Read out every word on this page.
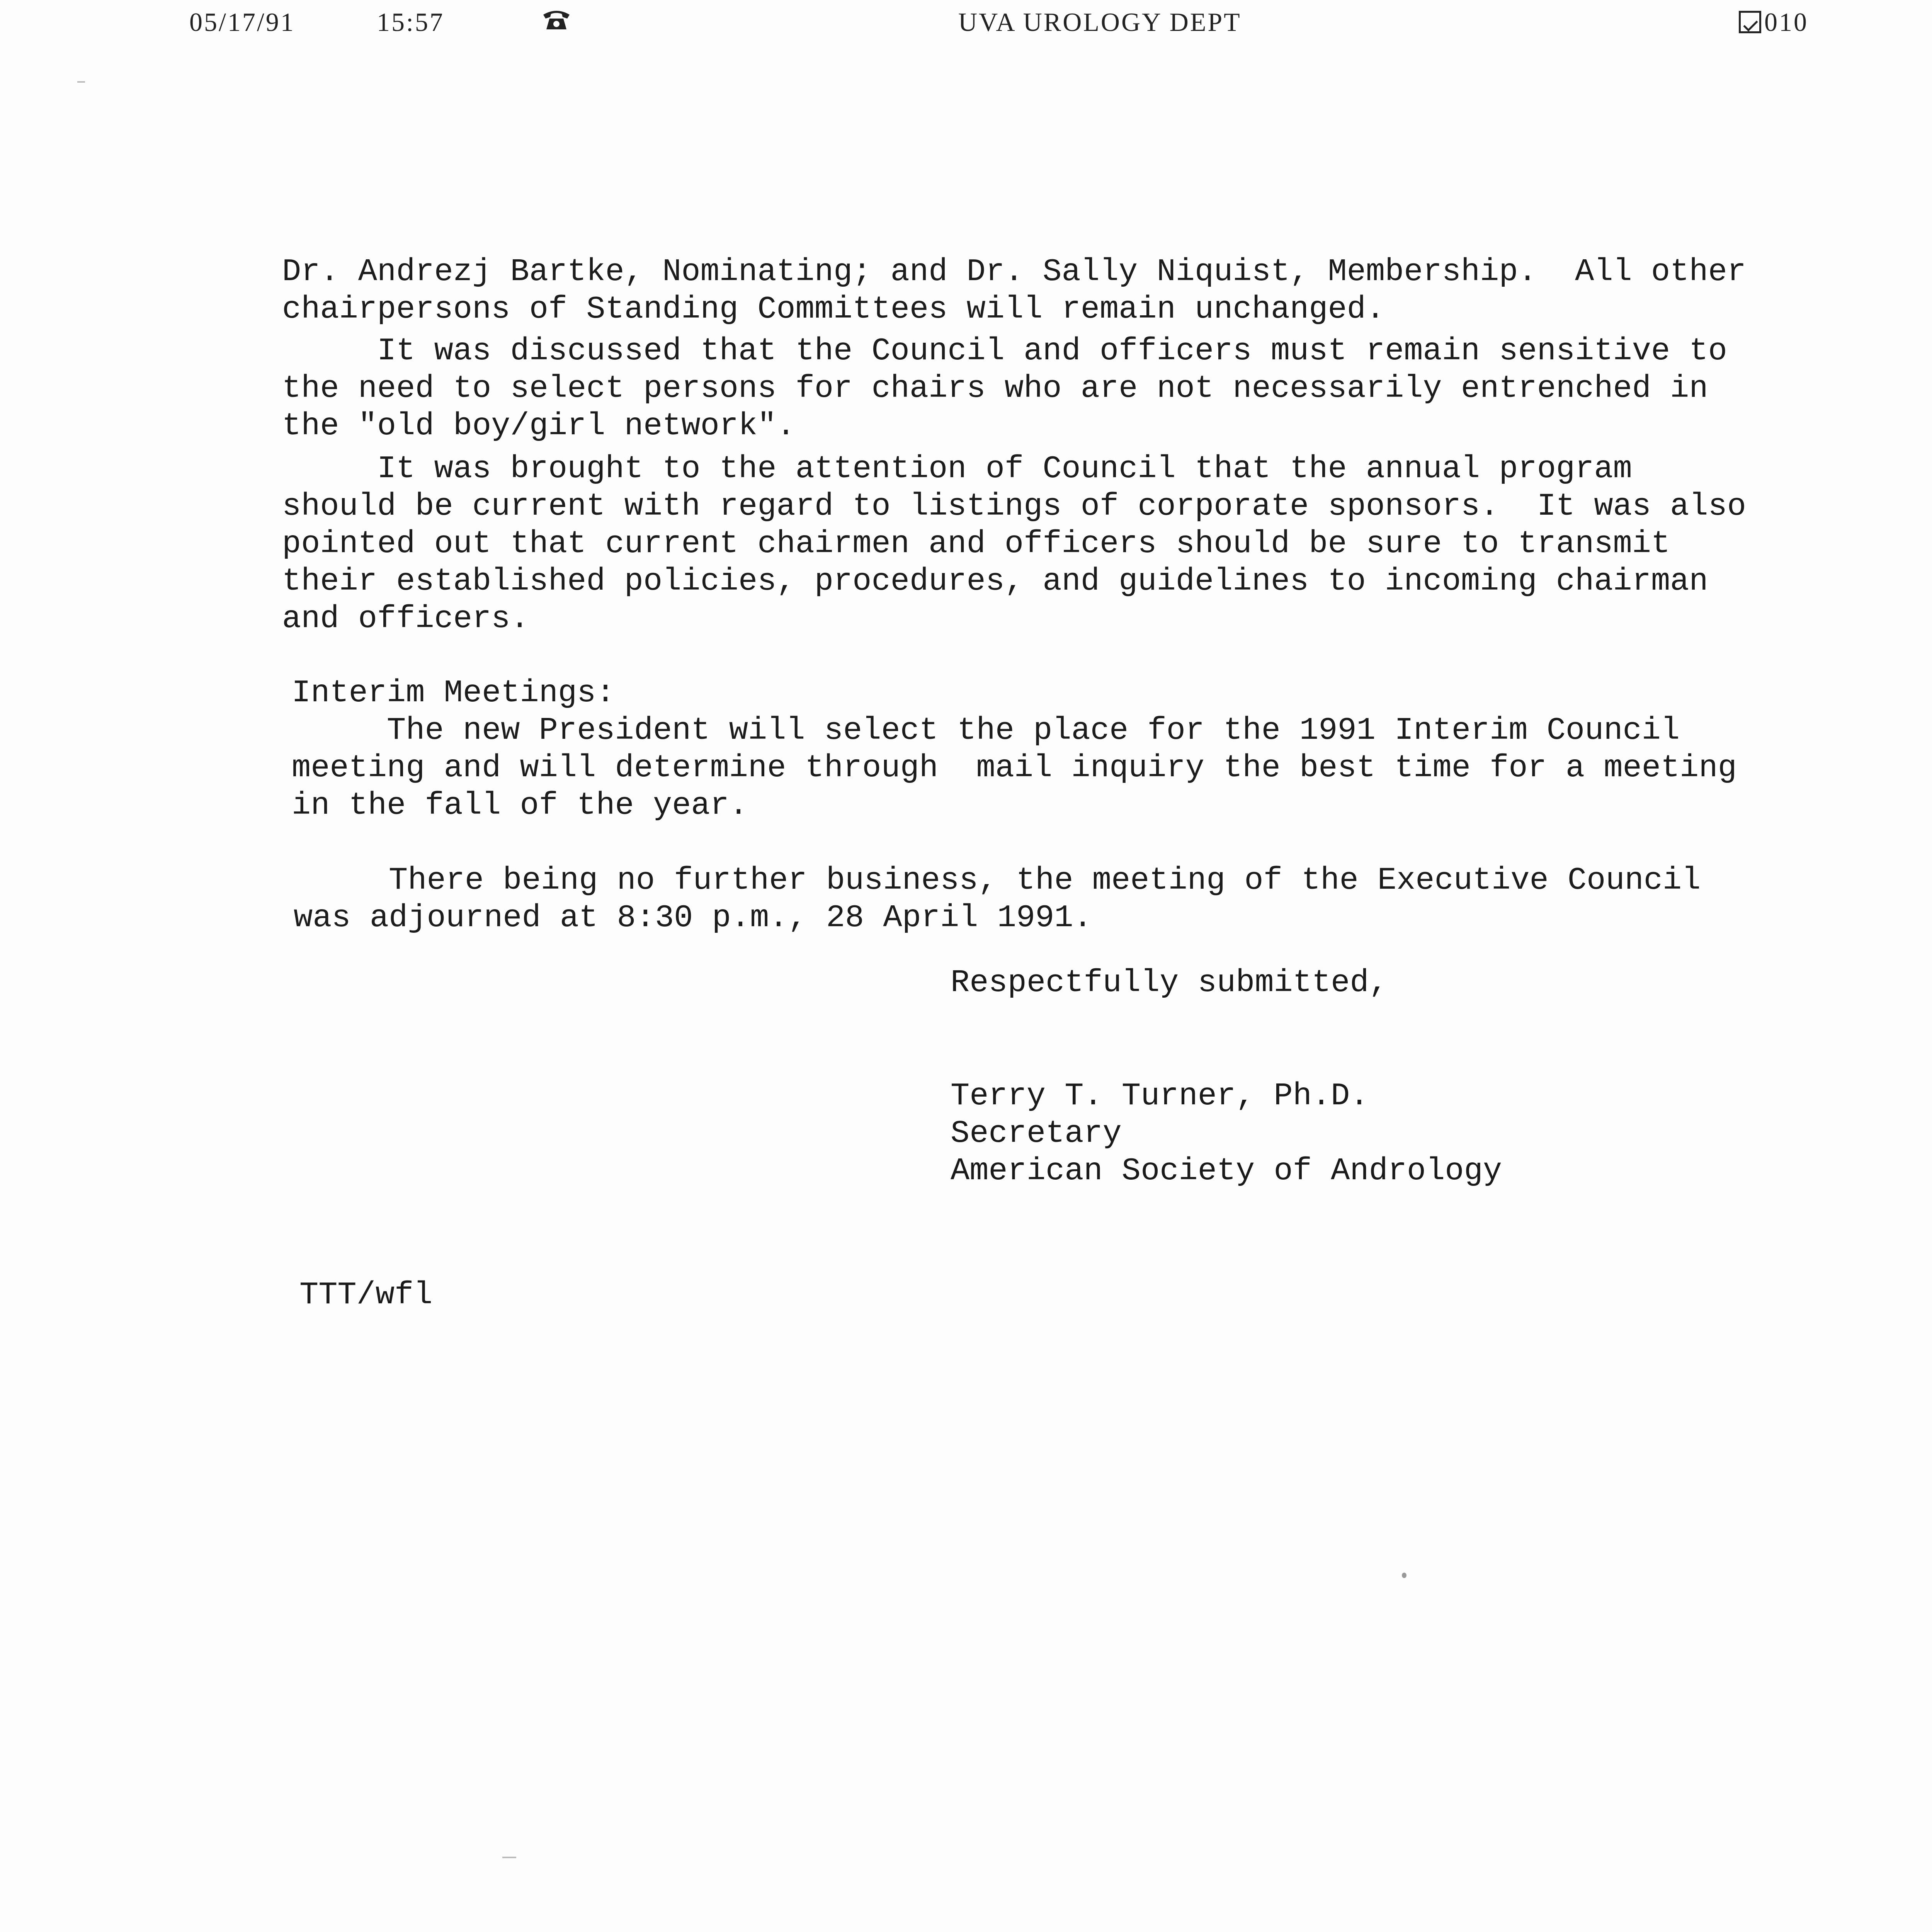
05/17/91	15:57	UVA UROLOGY DEPT	010
Dr. Andrezj Bartke, Nominating; and Dr. Sally Niquist, Membership.  All other
chairpersons of Standing Committees will remain unchanged.
It was discussed that the Council and officers must remain sensitive to
the need to select persons for chairs who are not necessarily entrenched in
the "old boy/girl network".
It was brought to the attention of Council that the annual program
should be current with regard to listings of corporate sponsors.  It was also
pointed out that current chairmen and officers should be sure to transmit
their established policies, procedures, and guidelines to incoming chairman
and officers.
Interim Meetings:
The new President will select the place for the 1991 Interim Council
meeting and will determine through  mail inquiry the best time for a meeting
in the fall of the year.
There being no further business, the meeting of the Executive Council
was adjourned at 8:30 p.m., 28 April 1991.
Respectfully submitted,
Terry T. Turner, Ph.D.
Secretary
American Society of Andrology
TTT/wfl
